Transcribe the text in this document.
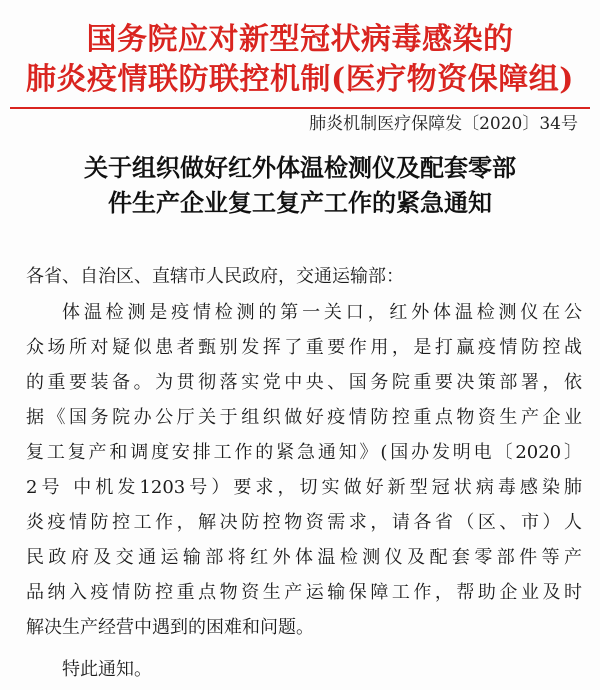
国务院应对新型冠状病毒感染的
肺炎疫情联防联控机制(医疗物资保障组)
肺炎机制医疗保障发〔2020〕34号
关于组织做好红外体温检测仪及配套零部
件生产企业复工复产工作的紧急通知
各省、自治区、直辖市人民政府，交通运输部：
体温检测是疫情检测的第一关口，红外体温检测仪在公
众场所对疑似患者甄别发挥了重要作用，是打赢疫情防控战
的重要装备。为贯彻落实党中央、国务院重要决策部署，依
据《国务院办公厅关于组织做好疫情防控重点物资生产企业
复工复产和调度安排工作的紧急通知》(国办发明电〔2020〕
2号 中机发1203号）要求，切实做好新型冠状病毒感染肺
炎疫情防控工作，解决防控物资需求，请各省（区、市）人
民政府及交通运输部将红外体温检测仪及配套零部件等产
品纳入疫情防控重点物资生产运输保障工作，帮助企业及时
解决生产经营中遇到的困难和问题。
特此通知。
